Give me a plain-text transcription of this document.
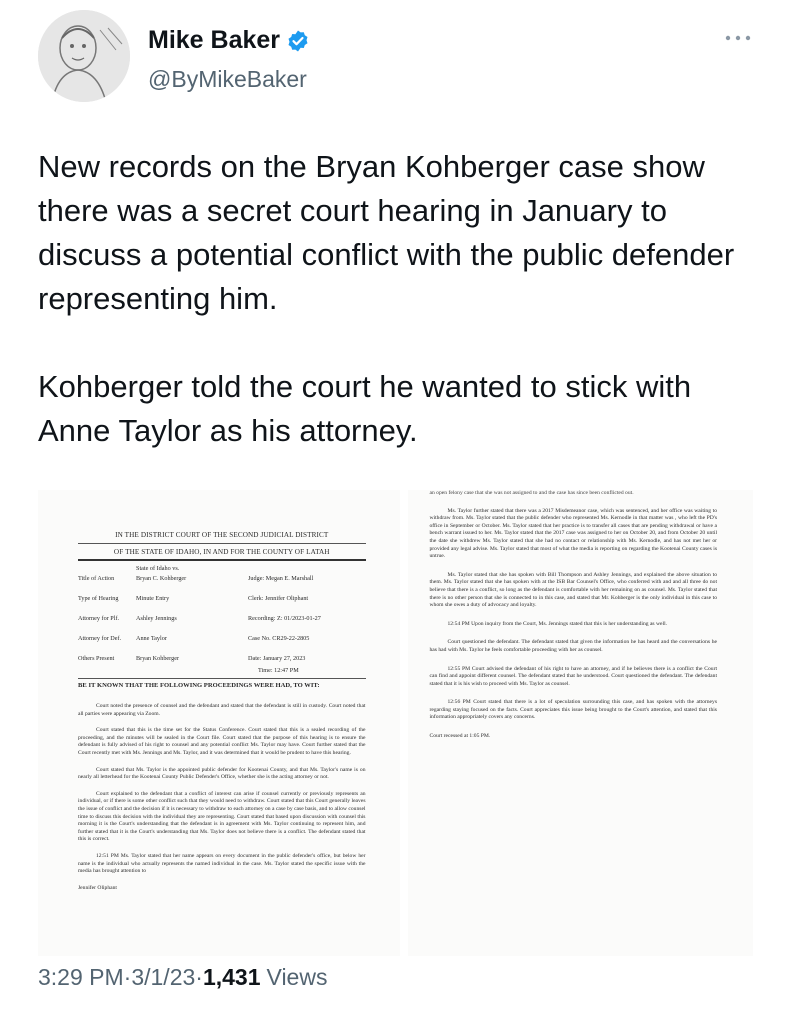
Mike Baker
@ByMikeBaker
New records on the Bryan Kohberger case show there was a secret court hearing in January to discuss a potential conflict with the public defender representing him.

Kohberger told the court he wanted to stick with Anne Taylor as his attorney.
IN THE DISTRICT COURT OF THE SECOND JUDICIAL DISTRICT
OF THE STATE OF IDAHO, IN AND FOR THE COUNTY OF LATAH
State of Idaho vs.
Title of Action	Bryan C. Kohberger	Judge: Megan E. Marshall
Type of Hearing	Minute Entry	Clerk: Jennifer Oliphant
Attorney for Plf.	Ashley Jennings	Recording: Z: 01/2023-01-27
Attorney for Def. Anne Taylor	Case No. CR29-22-2805
Others Present	Bryan Kohberger	Date: January 27, 2023
Time: 12:47 PM
BE IT KNOWN THAT THE FOLLOWING PROCEEDINGS WERE HAD, TO WIT:

Court noted the presence of counsel and the defendant and stated that the defendant is still in custody. Court noted that all parties were appearing via Zoom.

Court stated that this is the time set for the Status Conference. Court stated that this is a sealed recording of the proceeding, and the minutes will be sealed in the Court file. Court stated that the purpose of this hearing is to ensure the defendant is fully advised of his right to counsel and any potential conflict Ms. Taylor may have. Court further stated that the Court recently met with Ms. Jennings and Ms. Taylor, and it was determined that it would be prudent to have this hearing.

Court stated that Ms. Taylor is the appointed public defender for Kootenai County, and that Ms. Taylor's name is on nearly all letterhead for the Kootenai County Public Defender's Office, whether she is the acting attorney or not.

Court explained to the defendant that a conflict of interest can arise if counsel currently or previously represents an individual, or if there is some other conflict such that they would need to withdraw. Court stated that this Court generally leaves the issue of conflict and the decision if it is necessary to withdraw to each attorney on a case by case basis, and to allow counsel time to discuss this decision with the individual they are representing. Court stated that based upon discussion with counsel this morning it is the Court's understanding that the defendant is in agreement with Ms. Taylor continuing to represent him, and further stated that it is the Court's understanding that Ms. Taylor does not believe there is a conflict. The defendant stated that this is correct.

12:51 PM Ms. Taylor stated that her name appears on every document in the public defender's office, but below her name is the individual who actually represents the named individual in the case. Ms. Taylor stated the specific issue with the media has brought attention to

Jennifer Oliphant
an open felony case that she was not assigned to and the case has since been conflicted out.

Ms. Taylor further stated that there was a 2017 Misdemeanor case, which was sentenced, and her office was waiting to withdraw from. Ms. Taylor stated that the public defender who represented Ms. Kernodle in that matter was , who left the PD's office in September or October. Ms. Taylor stated that her practice is to transfer all cases that are pending withdrawal or have a bench warrant issued to her. Ms. Taylor stated that the 2017 case was assigned to her on October 20, and from October 20 until the date she withdrew Ms. Taylor stated that she had no contact or relationship with Ms. Kernodle, and has not met her or provided any legal advise. Ms. Taylor stated that most of what the media is reporting on regarding the Kootenai County cases is untrue.

Ms. Taylor stated that she has spoken with Bill Thompson and Ashley Jennings, and explained the above situation to them. Ms. Taylor stated that she has spoken with at the ISB Bar Counsel's Office, who conferred with and and all three do not believe that there is a conflict, so long as the defendant is comfortable with her remaining on as counsel. Ms. Taylor stated that there is no other person that she is connected to in this case, and stated that Mr. Kohberger is the only individual in this case to whom she owes a duty of advocacy and loyalty.

12:54 PM Upon inquiry from the Court, Ms. Jennings stated that this is her understanding as well.

Court questioned the defendant. The defendant stated that given the information he has heard and the conversations he has had with Ms. Taylor he feels comfortable proceeding with her as counsel.

12:55 PM Court advised the defendant of his right to have an attorney, and if he believes there is a conflict the Court can find and appoint different counsel. The defendant stated that he understood. Court questioned the defendant. The defendant stated that it is his wish to proceed with Ms. Taylor as counsel.

12:56 PM Court stated that there is a lot of speculation surrounding this case, and has spoken with the attorneys regarding staying focused on the facts. Court appreciates this issue being brought to the Court's attention, and stated that this information appropriately covers any concerns.

Court recessed at 1:05 PM.
3:29 PM · 3/1/23 · 1,431 Views
